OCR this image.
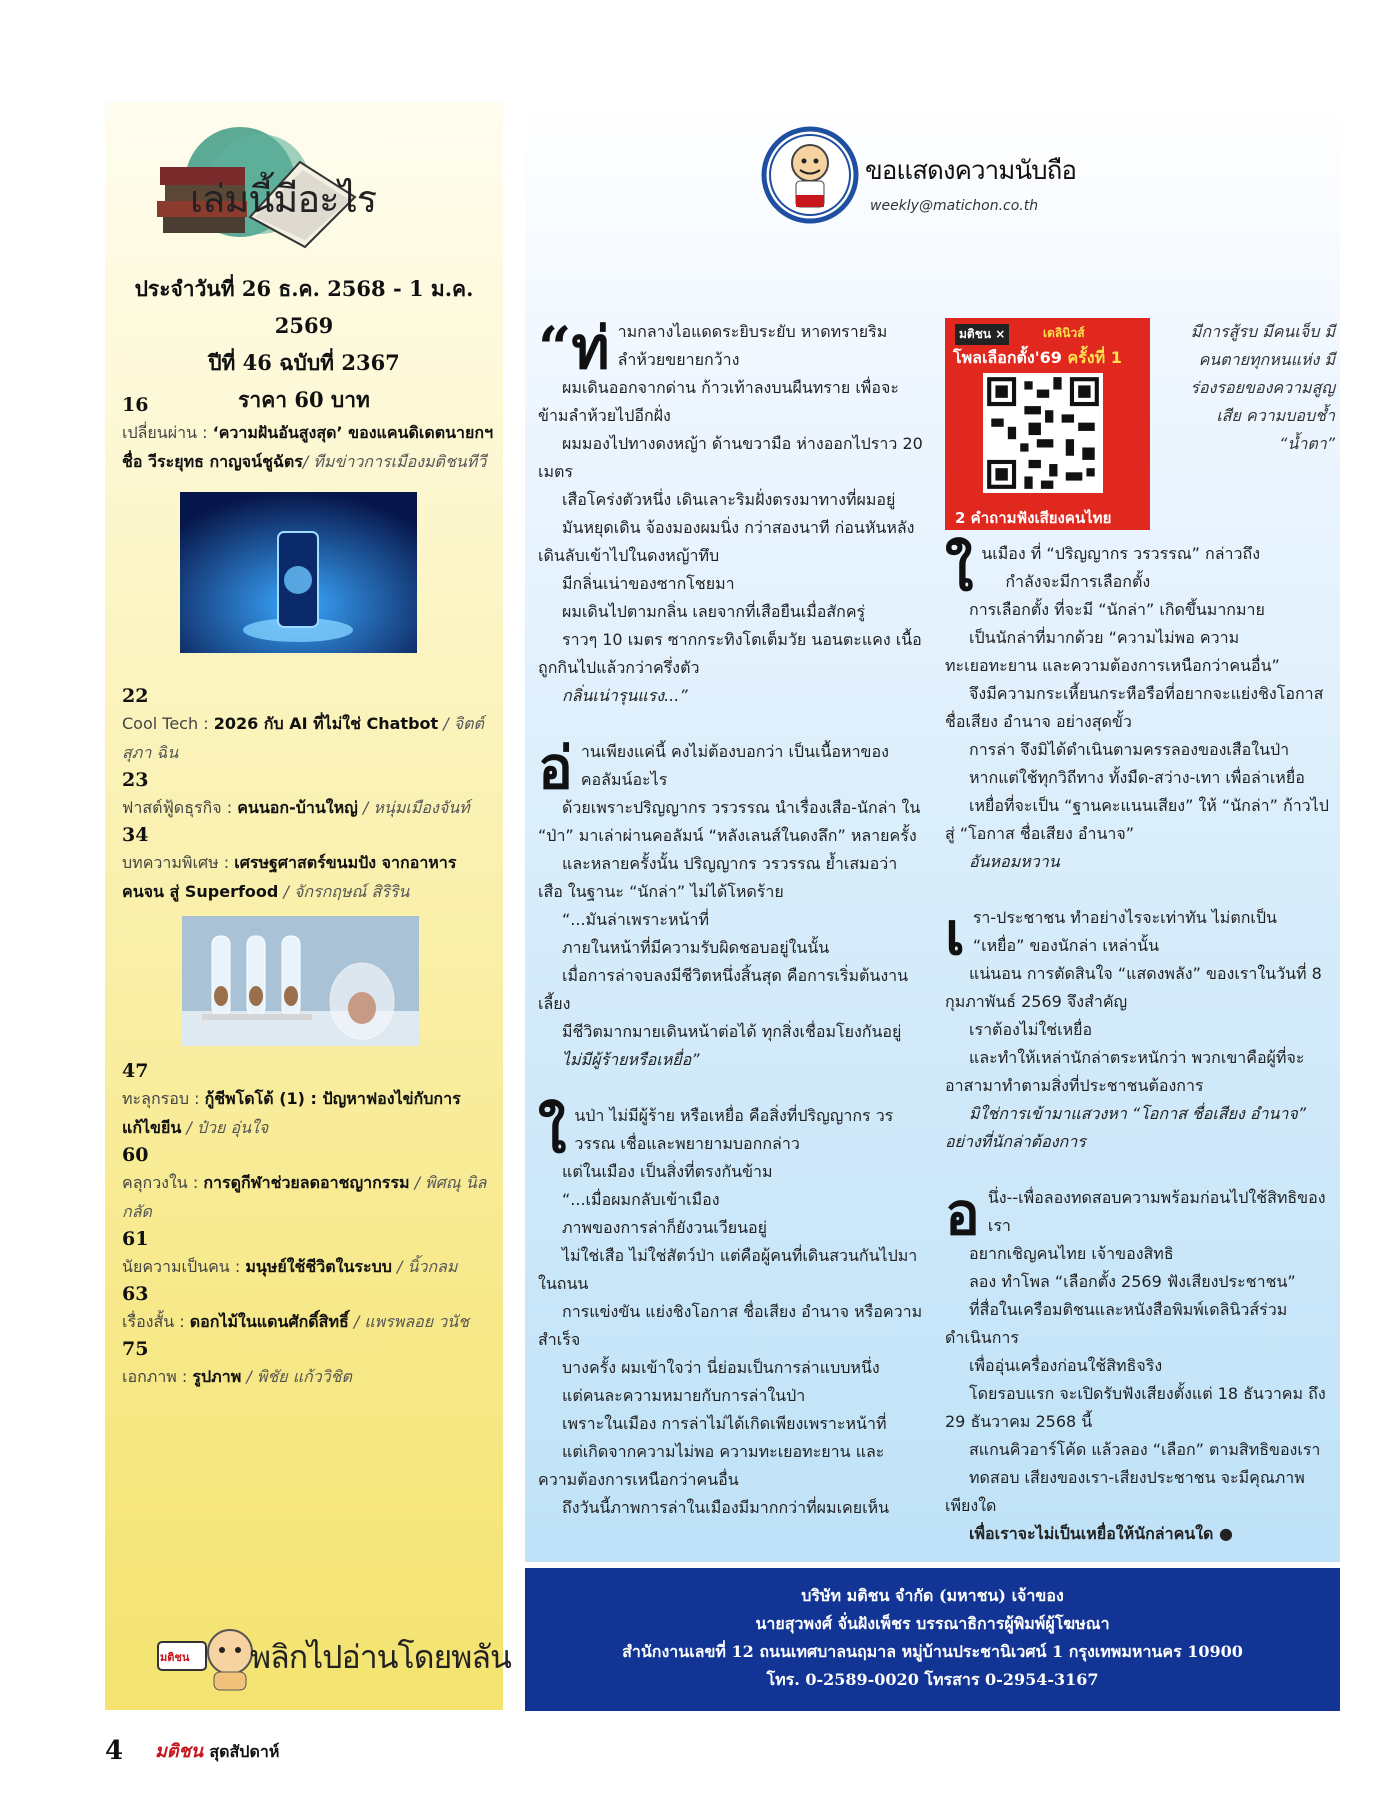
เล่มนี้มีอะไร
ประจำวันที่ 26 ธ.ค. 2568 - 1 ม.ค. 2569
ปีที่ 46 ฉบับที่ 2367
ราคา 60 บาท
16
เปลี่ยนผ่าน : ‘ความฝันอันสูงสุด’ ของแคนดิเดตนายกฯ ชื่อ วีระยุทธ กาญจน์ชูฉัตร/ ทีมข่าวการเมืองมติชนทีวี
22
Cool Tech : 2026 กับ AI ที่ไม่ใช่ Chatbot / จิตต์สุภา ฉิน
23
ฟาสต์ฟู้ดธุรกิจ : คนนอก-บ้านใหญ่ / หนุ่มเมืองจันท์
34
บทความพิเศษ : เศรษฐศาสตร์ขนมปัง จากอาหารคนจน สู่ Superfood / จักรกฤษณ์ สิริริน
47
ทะลุกรอบ : กู้ชีพโดโด้ (1) : ปัญหาฟองไข่กับการแก้ไขยีน / ป๋วย อุ่นใจ
60
คลุกวงใน : การดูกีฬาช่วยลดอาชญากรรม / พิศณุ นิลกลัด
61
นัยความเป็นคน : มนุษย์ใช้ชีวิตในระบบ / นิ้วกลม
63
เรื่องสั้น : ดอกไม้ในแดนศักดิ์สิทธิ์ / แพรพลอย วนัช
75
เอกภาพ : รูปภาพ / พิชัย แก้ววิชิต
มติชน พลิกไปอ่านโดยพลัน
ขอแสดงความนับถือ
weekly@matichon.co.th

“ท่ามกลางไอแดดระยิบระยับ หาดทรายริมลำห้วยขยายกว้าง

ผมเดินออกจากด่าน ก้าวเท้าลงบนผืนทราย เพื่อจะข้ามลำห้วยไปอีกฝั่ง

ผมมองไปทางดงหญ้า ด้านขวามือ ห่างออกไปราว 20 เมตร

เสือโคร่งตัวหนึ่ง เดินเลาะริมฝั่งตรงมาทางที่ผมอยู่

มันหยุดเดิน จ้องมองผมนิ่ง กว่าสองนาที ก่อนหันหลังเดินลับเข้าไปในดงหญ้าทึบ

มีกลิ่นเน่าของซากโชยมา

ผมเดินไปตามกลิ่น เลยจากที่เสือยืนเมื่อสักครู่

ราวๆ 10 เมตร ซากกระทิงโตเต็มวัย นอนตะแคง เนื้อถูกกินไปแล้วกว่าครึ่งตัว

กลิ่นเน่ารุนแรง...”

อ่านเพียงแค่นี้ คงไม่ต้องบอกว่า เป็นเนื้อหาของคอลัมน์อะไร

ด้วยเพราะปริญญากร วรวรรณ นำเรื่องเสือ-นักล่า ใน “ป่า” มาเล่าผ่านคอลัมน์ “หลังเลนส์ในดงลึก” หลายครั้ง

และหลายครั้งนั้น ปริญญากร วรวรรณ ย้ำเสมอว่า เสือ ในฐานะ “นักล่า” ไม่ได้โหดร้าย

“...มันล่าเพราะหน้าที่

ภายในหน้าที่มีความรับผิดชอบอยู่ในนั้น

เมื่อการล่าจบลงมีชีวิตหนึ่งสิ้นสุด คือการเริ่มต้นงานเลี้ยง

มีชีวิตมากมายเดินหน้าต่อได้ ทุกสิ่งเชื่อมโยงกันอยู่

ไม่มีผู้ร้ายหรือเหยื่อ”

ในป่า ไม่มีผู้ร้าย หรือเหยื่อ คือสิ่งที่ปริญญากร วรวรรณ เชื่อและพยายามบอกกล่าว

แต่ในเมือง เป็นสิ่งที่ตรงกันข้าม

“...เมื่อผมกลับเข้าเมือง

ภาพของการล่าก็ยังวนเวียนอยู่

ไม่ใช่เสือ ไม่ใช่สัตว์ป่า แต่คือผู้คนที่เดินสวนกันไปมาในถนน

การแข่งขัน แย่งชิงโอกาส ชื่อเสียง อำนาจ หรือความสำเร็จ

บางครั้ง ผมเข้าใจว่า นี่ย่อมเป็นการล่าแบบหนึ่ง

แต่คนละความหมายกับการล่าในป่า

เพราะในเมือง การล่าไม่ได้เกิดเพียงเพราะหน้าที่

แต่เกิดจากความไม่พอ ความทะเยอทะยาน และความต้องการเหนือกว่าคนอื่น

ถึงวันนี้ภาพการล่าในเมืองมีมากกว่าที่ผมเคยเห็น

มติชน ×	เดลินิวส์
โพลเลือกตั้ง'69 ครั้งที่ 1
2 คำถามฟังเสียงคนไทย
มีการสู้รบ มีคนเจ็บ มีคนตายทุกหนแห่ง มีร่องรอยของความสูญเสีย ความบอบช้ำ “น้ำตา”

ในเมือง ที่ “ปริญญากร วรวรรณ” กล่าวถึง

กำลังจะมีการเลือกตั้ง

การเลือกตั้ง ที่จะมี “นักล่า” เกิดขึ้นมากมาย

เป็นนักล่าที่มากด้วย “ความไม่พอ ความทะเยอทะยาน และความต้องการเหนือกว่าคนอื่น”

จึงมีความกระเหี้ยนกระหือรือที่อยากจะแย่งชิงโอกาส ชื่อเสียง อำนาจ อย่างสุดขั้ว

การล่า จึงมิได้ดำเนินตามครรลองของเสือในป่า

หากแต่ใช้ทุกวิถีทาง ทั้งมืด-สว่าง-เทา เพื่อล่าเหยื่อ

เหยื่อที่จะเป็น “ฐานคะแนนเสียง” ให้ “นักล่า” ก้าวไปสู่ “โอกาส ชื่อเสียง อำนาจ”

อันหอมหวาน

เรา-ประชาชน ทำอย่างไรจะเท่าทัน ไม่ตกเป็น “เหยื่อ” ของนักล่า เหล่านั้น

แน่นอน การตัดสินใจ “แสดงพลัง” ของเราในวันที่ 8 กุมภาพันธ์ 2569 จึงสำคัญ

เราต้องไม่ใช่เหยื่อ

และทำให้เหล่านักล่าตระหนักว่า พวกเขาคือผู้ที่จะอาสามาทำตามสิ่งที่ประชาชนต้องการ

มิใช่การเข้ามาแสวงหา “โอกาส ชื่อเสียง อำนาจ” อย่างที่นักล่าต้องการ

อนึ่ง--เพื่อลองทดสอบความพร้อมก่อนไปใช้สิทธิของเรา

อยากเชิญคนไทย เจ้าของสิทธิ

ลอง ทำโพล “เลือกตั้ง 2569 ฟังเสียงประชาชน”

ที่สื่อในเครือมติชนและหนังสือพิมพ์เดลินิวส์ร่วมดำเนินการ

เพื่ออุ่นเครื่องก่อนใช้สิทธิจริง

โดยรอบแรก จะเปิดรับฟังเสียงตั้งแต่ 18 ธันวาคม ถึง 29 ธันวาคม 2568 นี้

สแกนคิวอาร์โค้ด แล้วลอง “เลือก” ตามสิทธิของเรา

ทดสอบ เสียงของเรา-เสียงประชาชน จะมีคุณภาพเพียงใด

เพื่อเราจะไม่เป็นเหยื่อให้นักล่าคนใด ●

บริษัท มติชน จำกัด (มหาชน) เจ้าของ
นายสุวพงศ์ จั่นฝังเพ็ชร บรรณาธิการผู้พิมพ์ผู้โฆษณา
สำนักงานเลขที่ 12 ถนนเทศบาลนฤมาล หมู่บ้านประชานิเวศน์ 1 กรุงเทพมหานคร 10900
โทร. 0-2589-0020 โทรสาร 0-2954-3167
4 มติชน สุดสัปดาห์
